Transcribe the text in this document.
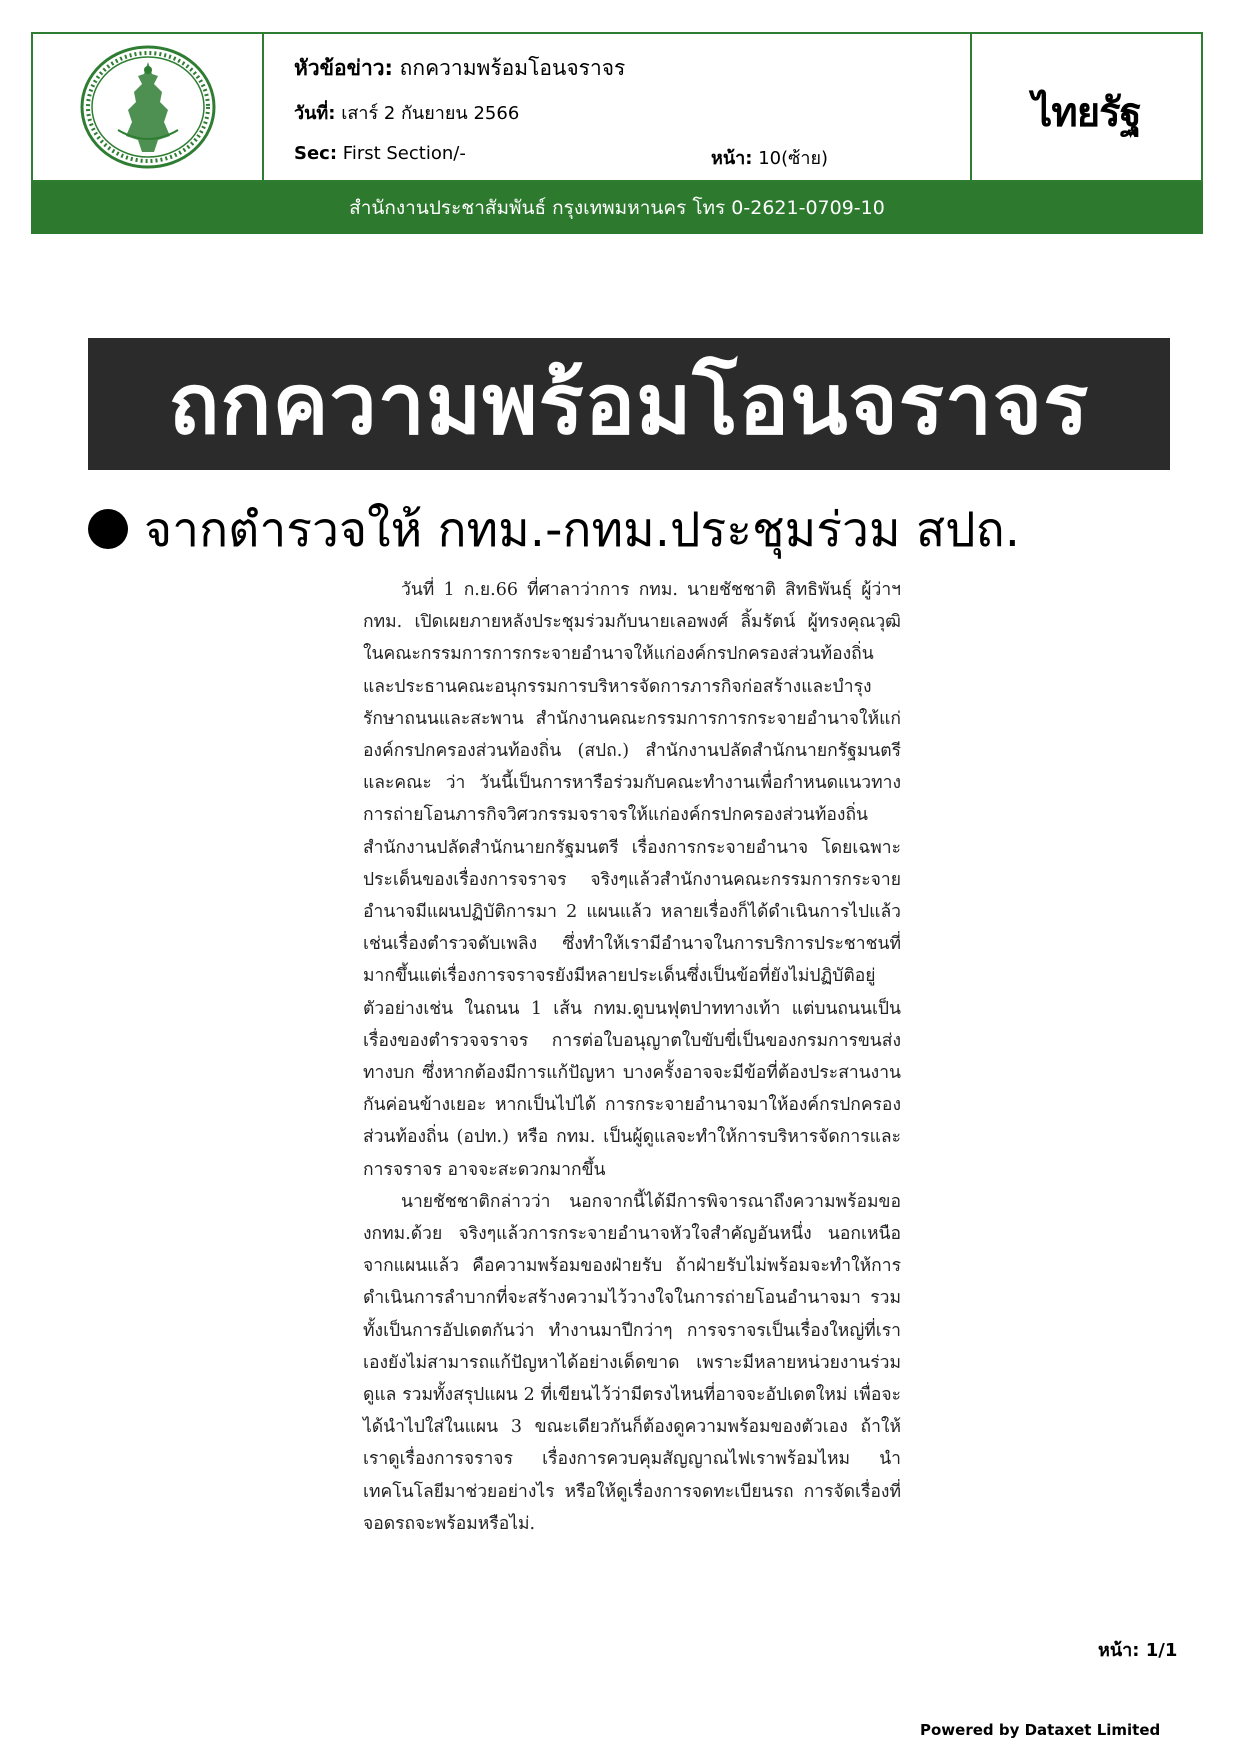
หัวข้อข่าว: ถกความพร้อมโอนจราจร
วันที่: เสาร์ 2 กันยายน 2566
Sec: First Section/-	หน้า: 10(ซ้าย)
ไทยรัฐ
สำนักงานประชาสัมพันธ์ กรุงเทพมหานคร โทร 0-2621-0709-10
ถกความพร้อมโอนจราจร
จากตำรวจให้ กทม.-กทม.ประชุมร่วม สปถ.

วันที่ 1 ก.ย.66 ที่ศาลาว่าการ กทม. นายชัชชาติ สิทธิพันธุ์ ผู้ว่าฯ กทม. เปิดเผยภายหลังประชุมร่วมกับนายเลอพงศ์ ลิ้มรัตน์ ผู้ทรงคุณวุฒิในคณะกรรมการการกระจายอำนาจให้แก่องค์กรปกครองส่วนท้องถิ่นและประธานคณะอนุกรรมการบริหารจัดการภารกิจก่อสร้างและบำรุงรักษาถนนและสะพาน สำนักงานคณะกรรมการการกระจายอำนาจให้แก่องค์กรปกครองส่วนท้องถิ่น (สปถ.) สำนักงานปลัดสำนักนายกรัฐมนตรีและคณะ ว่า วันนี้เป็นการหารือร่วมกับคณะทำงานเพื่อกำหนดแนวทางการถ่ายโอนภารกิจวิศวกรรมจราจรให้แก่องค์กรปกครองส่วนท้องถิ่น สำนักงานปลัดสำนักนายกรัฐมนตรี เรื่องการกระจายอำนาจ โดยเฉพาะประเด็นของเรื่องการจราจร จริงๆแล้วสำนักงานคณะกรรมการกระจายอำนาจมีแผนปฏิบัติการมา 2 แผนแล้ว หลายเรื่องก็ได้ดำเนินการไปแล้ว เช่นเรื่องตำรวจดับเพลิง ซึ่งทำให้เรามีอำนาจในการบริการประชาชนที่มากขึ้นแต่เรื่องการจราจรยังมีหลายประเด็นซึ่งเป็นข้อที่ยังไม่ปฏิบัติอยู่ ตัวอย่างเช่น ในถนน 1 เส้น กทม.ดูบนฟุตปาททางเท้า แต่บนถนนเป็นเรื่องของตำรวจจราจร การต่อใบอนุญาตใบขับขี่เป็นของกรมการขนส่งทางบก ซึ่งหากต้องมีการแก้ปัญหา บางครั้งอาจจะมีข้อที่ต้องประสานงานกันค่อนข้างเยอะ หากเป็นไปได้ การกระจายอำนาจมาให้องค์กรปกครองส่วนท้องถิ่น (อปท.) หรือ กทม. เป็นผู้ดูแลจะทำให้การบริหารจัดการและการจราจร อาจจะสะดวกมากขึ้น

นายชัชชาติกล่าวว่า นอกจากนี้ได้มีการพิจารณาถึงความพร้อมของกทม.ด้วย จริงๆแล้วการกระจายอำนาจหัวใจสำคัญอันหนึ่ง นอกเหนือจากแผนแล้ว คือความพร้อมของฝ่ายรับ ถ้าฝ่ายรับไม่พร้อมจะทำให้การดำเนินการลำบากที่จะสร้างความไว้วางใจในการถ่ายโอนอำนาจมา รวมทั้งเป็นการอัปเดตกันว่า ทำงานมาปีกว่าๆ การจราจรเป็นเรื่องใหญ่ที่เราเองยังไม่สามารถแก้ปัญหาได้อย่างเด็ดขาด เพราะมีหลายหน่วยงานร่วมดูแล รวมทั้งสรุปแผน 2 ที่เขียนไว้ว่ามีตรงไหนที่อาจจะอัปเดตใหม่ เพื่อจะได้นำไปใส่ในแผน 3 ขณะเดียวกันก็ต้องดูความพร้อมของตัวเอง ถ้าให้เราดูเรื่องการจราจร เรื่องการควบคุมสัญญาณไฟเราพร้อมไหม นำเทคโนโลยีมาช่วยอย่างไร หรือให้ดูเรื่องการจดทะเบียนรถ การจัดเรื่องที่จอดรถจะพร้อมหรือไม่.

หน้า: 1/1
Powered by Dataxet Limited
